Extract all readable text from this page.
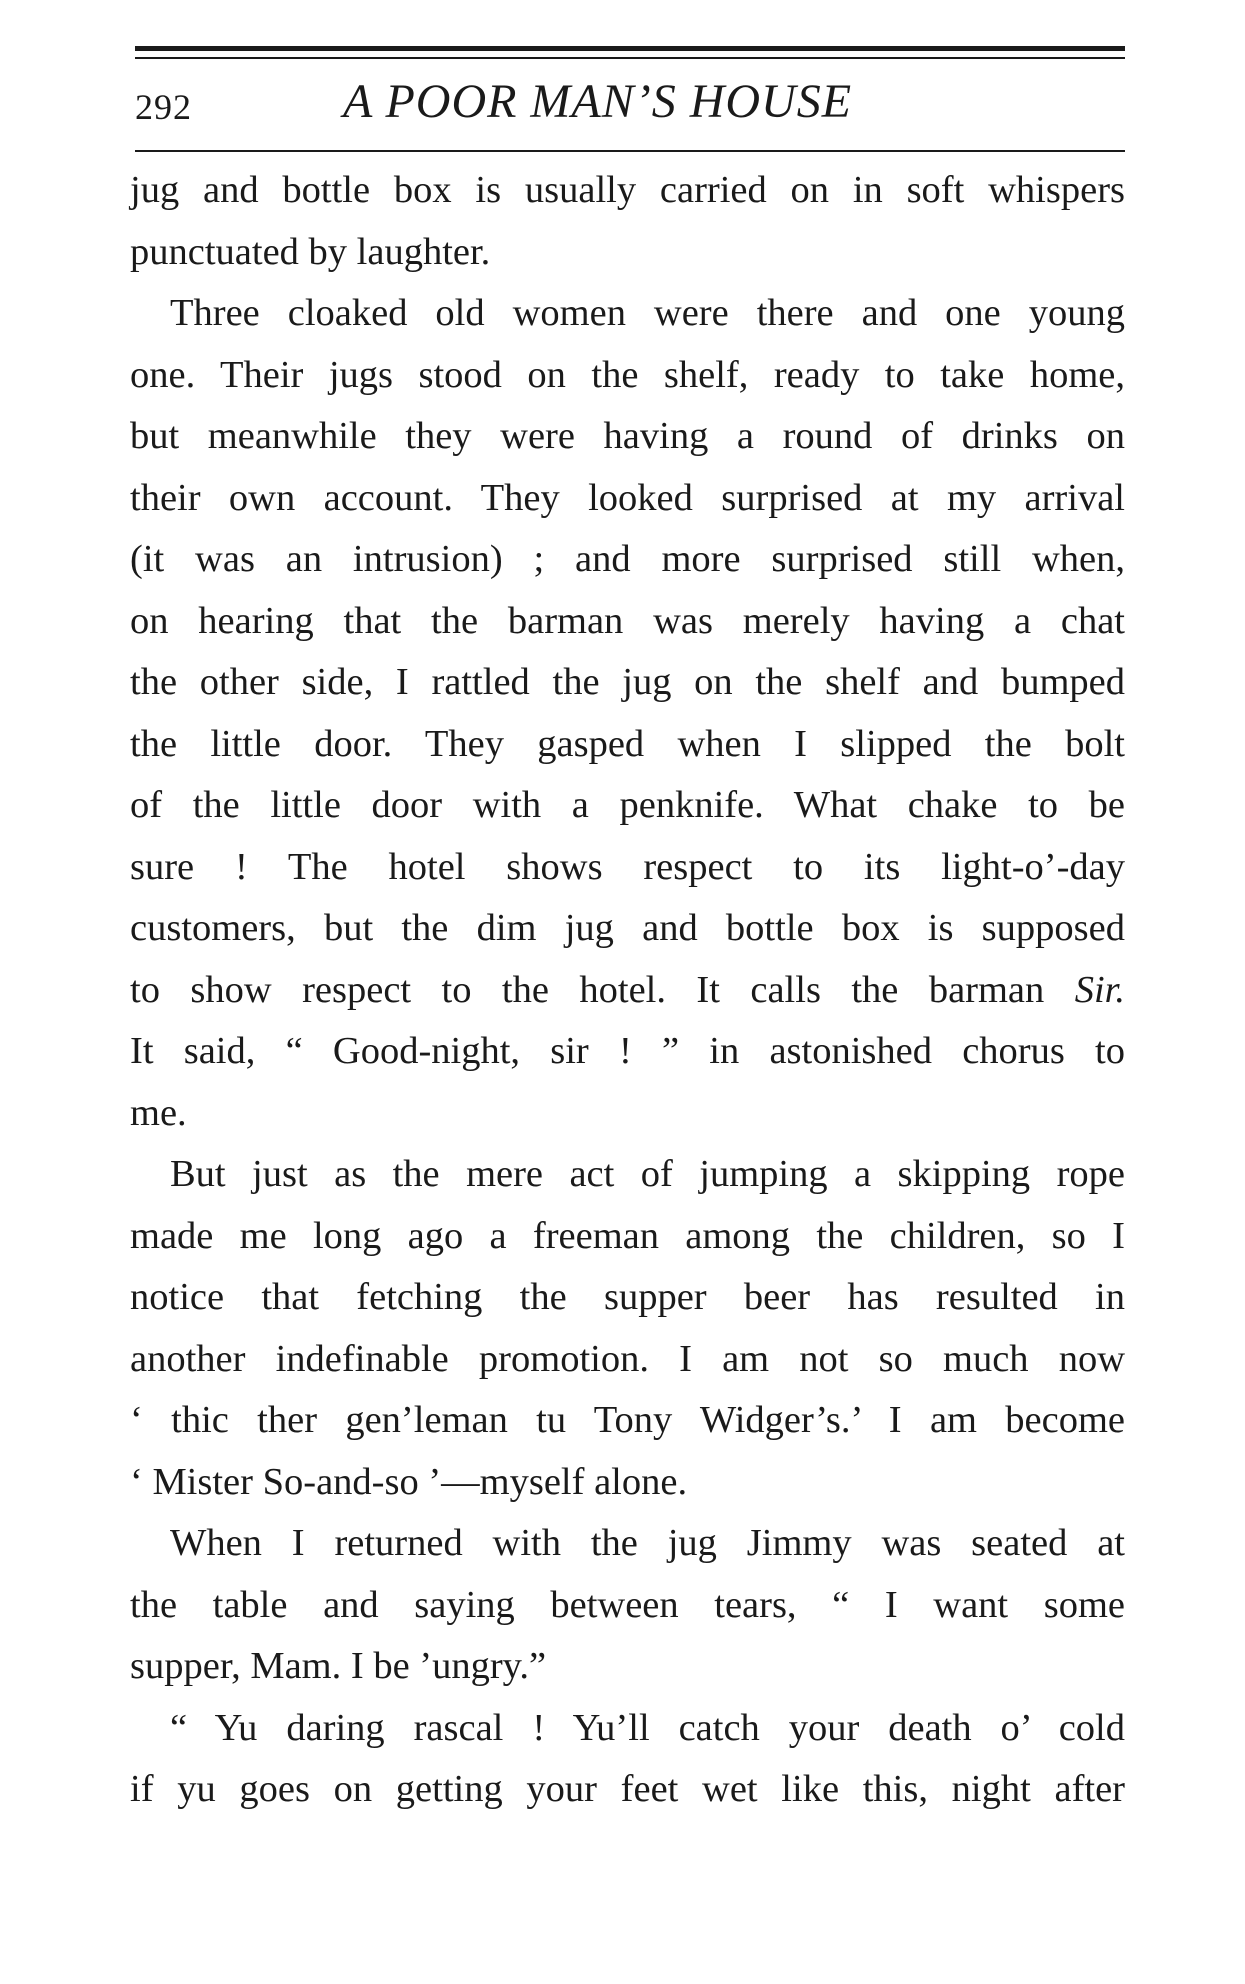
292	A POOR MAN’S HOUSE
jug and bottle box is usually carried on in soft whispers
punctuated by laughter.
Three cloaked old women were there and one young
one. Their jugs stood on the shelf, ready to take home,
but meanwhile they were having a round of drinks on
their own account. They looked surprised at my arrival
(it was an intrusion) ; and more surprised still when,
on hearing that the barman was merely having a chat
the other side, I rattled the jug on the shelf and bumped
the little door. They gasped when I slipped the bolt
of the little door with a penknife. What chake to be
sure ! The hotel shows respect to its light-o’-day
customers, but the dim jug and bottle box is supposed
to show respect to the hotel. It calls the barman Sir.
It said, “ Good-night, sir ! ” in astonished chorus to
me.
But just as the mere act of jumping a skipping rope
made me long ago a freeman among the children, so I
notice that fetching the supper beer has resulted in
another indefinable promotion. I am not so much now
‘ thic ther gen’leman tu Tony Widger’s.’ I am become
‘ Mister So-and-so ’—myself alone.
When I returned with the jug Jimmy was seated at
the table and saying between tears, “ I want some
supper, Mam. I be ’ungry.”
“ Yu daring rascal ! Yu’ll catch your death o’ cold
if yu goes on getting your feet wet like this, night after
